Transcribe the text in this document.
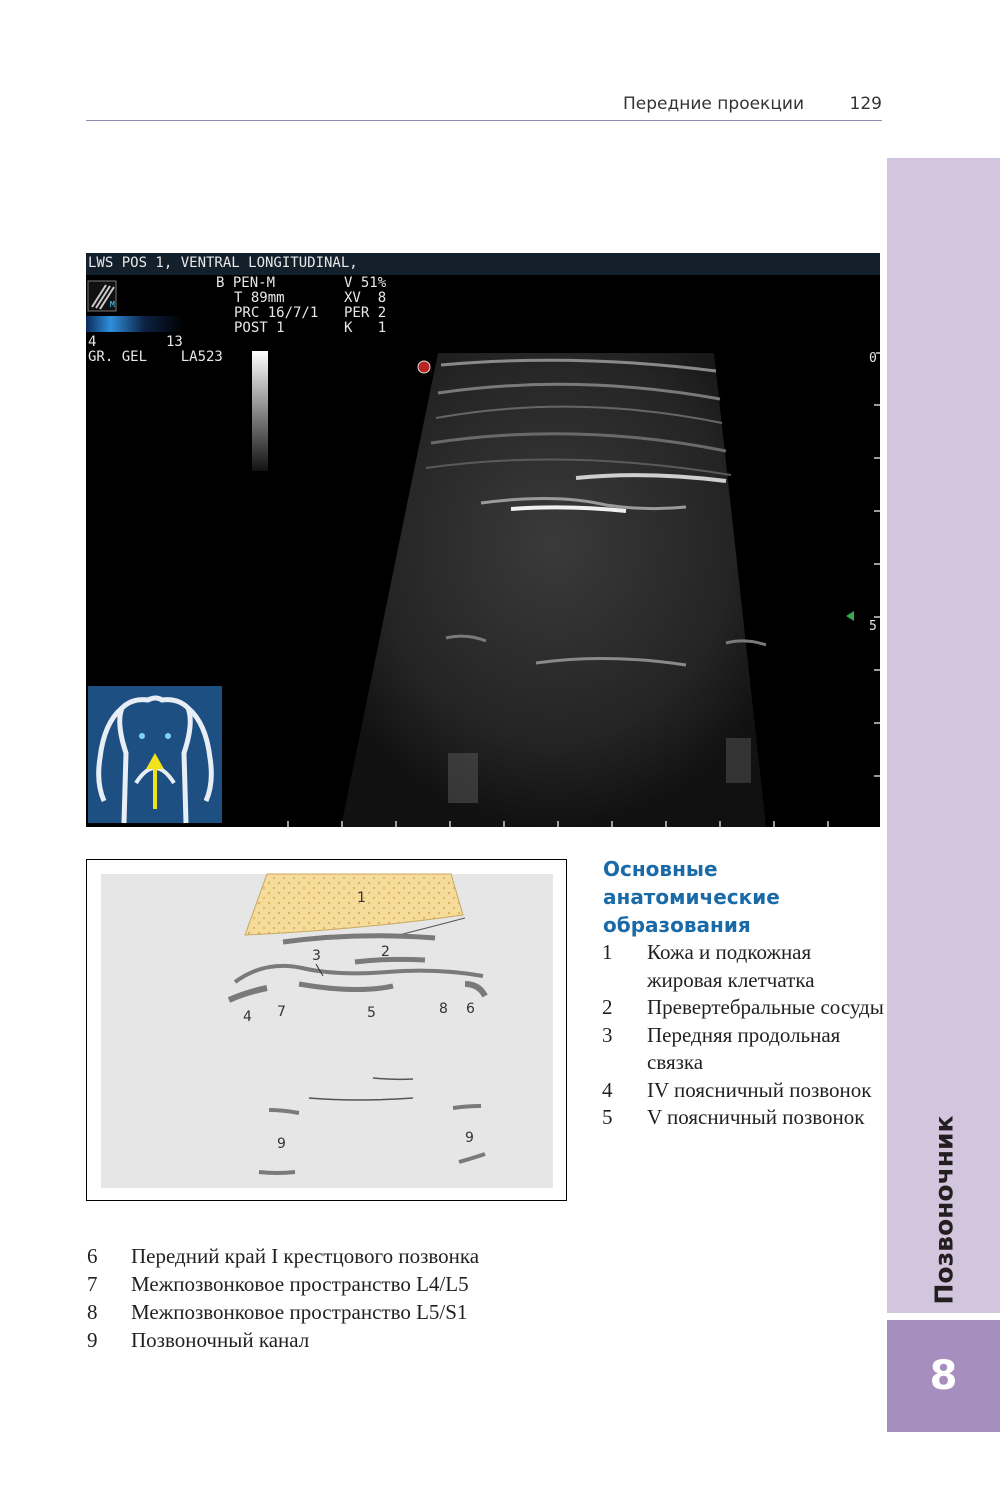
Передние проекции	129
Позвоночник
8
LWS POS 1, VENTRAL LONGITUDINAL,
B PEN-M
T 89mm
PRC 16/7/1
POST 1
V 51%
XV  8
PER 2
K   1
4	13
GR. GEL    LA523
M
0
5
1
2
3
4 7	5	8 6
9	9
Основные анатомические образования
1 Кожа и подкожная жировая клетчатка
2 Превертебральные сосуды
3 Передняя продольная связка
4 IV поясничный позвонок
5 V поясничный позвонок
6 Передний край I крестцового позвонка
7 Межпозвонковое пространство L4/L5
8 Межпозвонковое пространство L5/S1
9 Позвоночный канал
